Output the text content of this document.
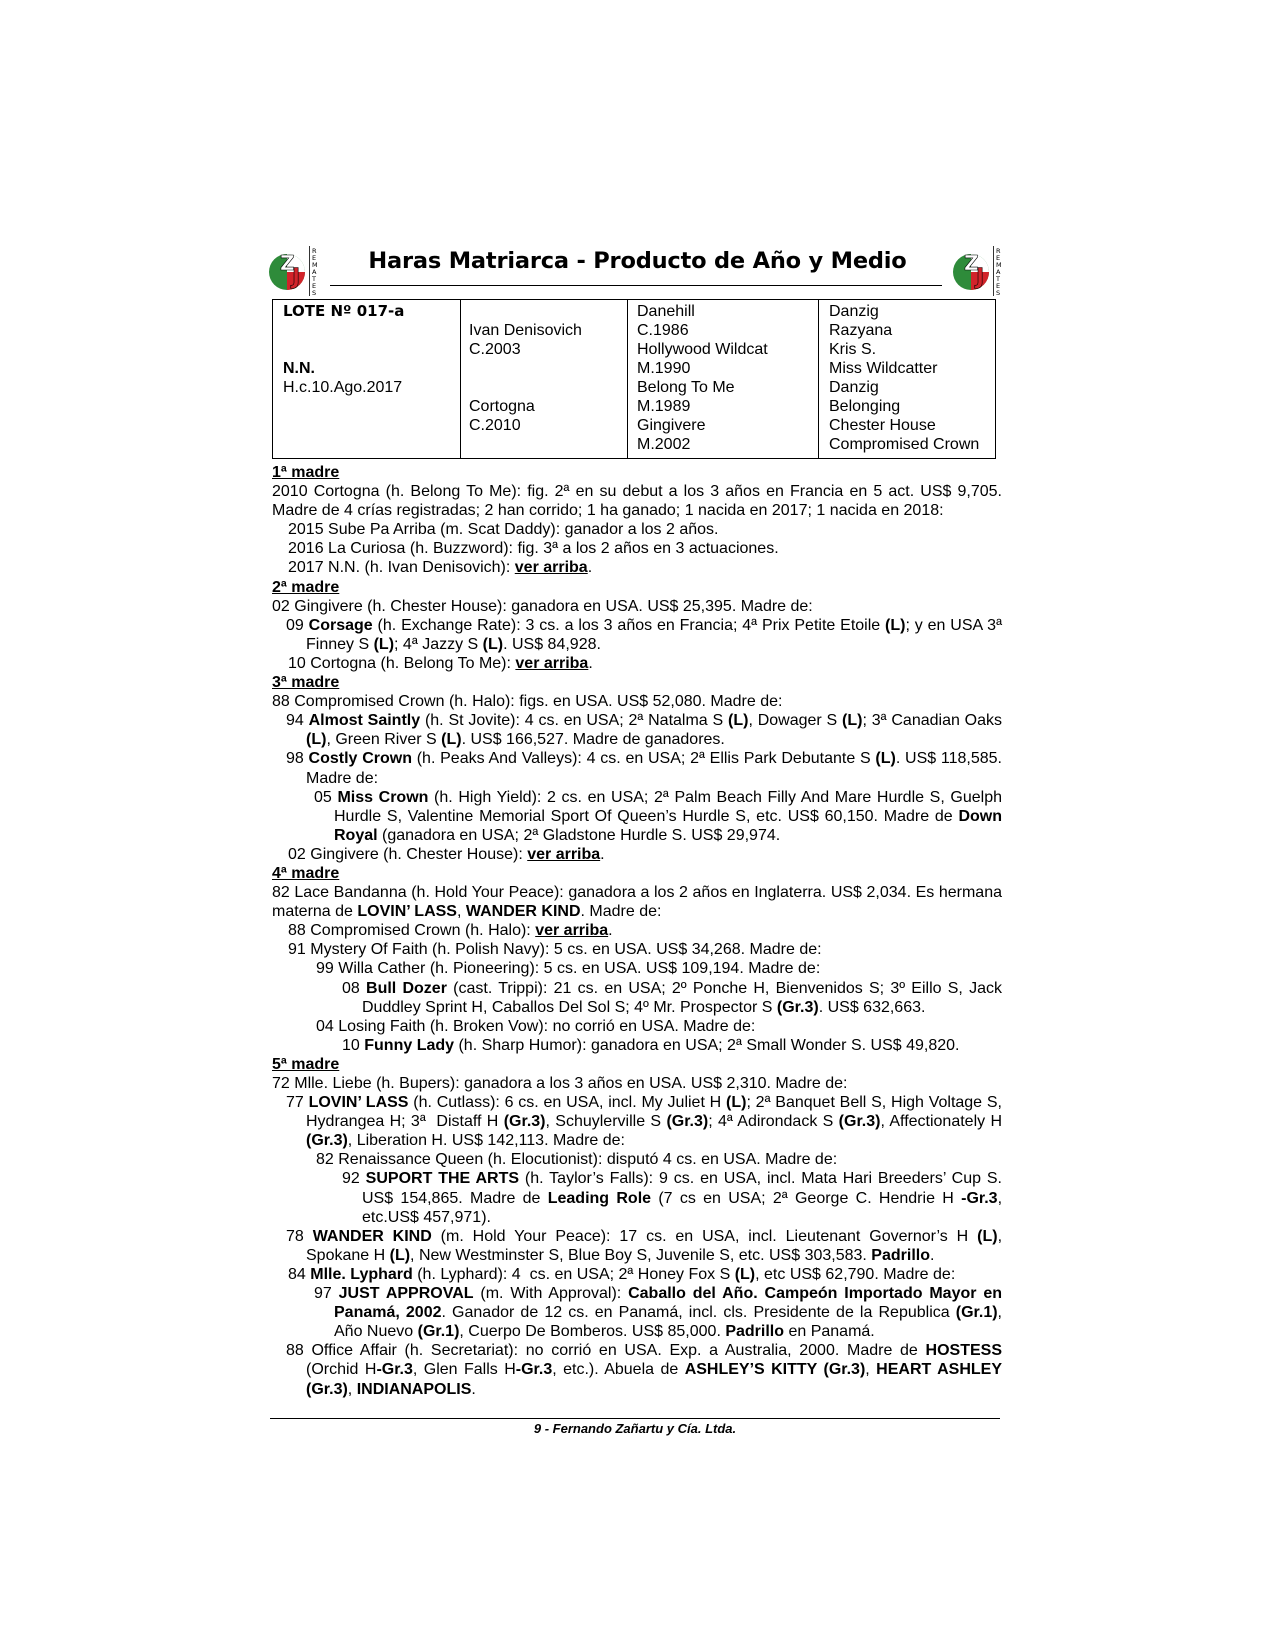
Z
J
R E M A T E S
Haras Matriarca - Producto de Año y Medio	Z
J
R E M A T E S
LOTE Nº 017-a
N.N.
H.c.10.Ago.2017
Ivan Denisovich
C.2003
Cortogna
C.2010
Danehill
C.1986
Hollywood Wildcat
M.1990
Belong To Me
M.1989
Gingivere
M.2002
Danzig
Razyana
Kris S.
Miss Wildcatter
Danzig
Belonging
Chester House
Compromised Crown

1ª madre

2010 Cortogna (h. Belong To Me): fig. 2ª en su debut a los 3 años en Francia en 5 act. US$ 9,705. Madre de 4 crías registradas; 2 han corrido; 1 ha ganado; 1 nacida en 2017; 1 nacida en 2018:

2015 Sube Pa Arriba (m. Scat Daddy): ganador a los 2 años.

2016 La Curiosa (h. Buzzword): fig. 3ª a los 2 años en 3 actuaciones.

2017 N.N. (h. Ivan Denisovich): ver arriba.

2ª madre

02 Gingivere (h. Chester House): ganadora en USA. US$ 25,395. Madre de:

09 Corsage (h. Exchange Rate): 3 cs. a los 3 años en Francia; 4ª Prix Petite Etoile (L); y en USA 3ª Finney S (L); 4ª Jazzy S (L). US$ 84,928.

10 Cortogna (h. Belong To Me): ver arriba.

3ª madre

88 Compromised Crown (h. Halo): figs. en USA. US$ 52,080. Madre de:

94 Almost Saintly (h. St Jovite): 4 cs. en USA; 2ª Natalma S (L), Dowager S (L); 3ª Canadian Oaks (L), Green River S (L). US$ 166,527. Madre de ganadores.

98 Costly Crown (h. Peaks And Valleys): 4 cs. en USA; 2ª Ellis Park Debutante S (L). US$ 118,585. Madre de:

05 Miss Crown (h. High Yield): 2 cs. en USA; 2ª Palm Beach Filly And Mare Hurdle S, Guelph Hurdle S, Valentine Memorial Sport Of Queen’s Hurdle S, etc. US$ 60,150. Madre de Down Royal (ganadora en USA; 2ª Gladstone Hurdle S. US$ 29,974.

02 Gingivere (h. Chester House): ver arriba.

4ª madre

82 Lace Bandanna (h. Hold Your Peace): ganadora a los 2 años en Inglaterra. US$ 2,034. Es hermana materna de LOVIN’ LASS, WANDER KIND. Madre de:

88 Compromised Crown (h. Halo): ver arriba.

91 Mystery Of Faith (h. Polish Navy): 5 cs. en USA. US$ 34,268. Madre de:

99 Willa Cather (h. Pioneering): 5 cs. en USA. US$ 109,194. Madre de:

08 Bull Dozer (cast. Trippi): 21 cs. en USA; 2º Ponche H, Bienvenidos S; 3º Eillo S, Jack Duddley Sprint H, Caballos Del Sol S; 4º Mr. Prospector S (Gr.3). US$ 632,663.

04 Losing Faith (h. Broken Vow): no corrió en USA. Madre de:

10 Funny Lady (h. Sharp Humor): ganadora en USA; 2ª Small Wonder S. US$ 49,820.

5ª madre

72 Mlle. Liebe (h. Bupers): ganadora a los 3 años en USA. US$ 2,310. Madre de:

77 LOVIN’ LASS (h. Cutlass): 6 cs. en USA, incl. My Juliet H (L); 2ª Banquet Bell S, High Voltage S, Hydrangea H; 3ª  Distaff H (Gr.3), Schuylerville S (Gr.3); 4ª Adirondack S (Gr.3), Affectionately H (Gr.3), Liberation H. US$ 142,113. Madre de:

82 Renaissance Queen (h. Elocutionist): disputó 4 cs. en USA. Madre de:

92 SUPORT THE ARTS (h. Taylor’s Falls): 9 cs. en USA, incl. Mata Hari Breeders’ Cup S. US$ 154,865. Madre de Leading Role (7 cs en USA; 2ª George C. Hendrie H -Gr.3, etc.US$ 457,971).

78 WANDER KIND (m. Hold Your Peace): 17 cs. en USA, incl. Lieutenant Governor’s H (L), Spokane H (L), New Westminster S, Blue Boy S, Juvenile S, etc. US$ 303,583. Padrillo.

84 Mlle. Lyphard (h. Lyphard): 4  cs. en USA; 2ª Honey Fox S (L), etc US$ 62,790. Madre de:

97 JUST APPROVAL (m. With Approval): Caballo del Año. Campeón Importado Mayor en Panamá, 2002. Ganador de 12 cs. en Panamá, incl. cls. Presidente de la Republica (Gr.1), Año Nuevo (Gr.1), Cuerpo De Bomberos. US$ 85,000. Padrillo en Panamá.

88 Office Affair (h. Secretariat): no corrió en USA. Exp. a Australia, 2000. Madre de HOSTESS (Orchid H-Gr.3, Glen Falls H-Gr.3, etc.). Abuela de ASHLEY’S KITTY (Gr.3), HEART ASHLEY (Gr.3), INDIANAPOLIS.

9 - Fernando Zañartu y Cía. Ltda.
